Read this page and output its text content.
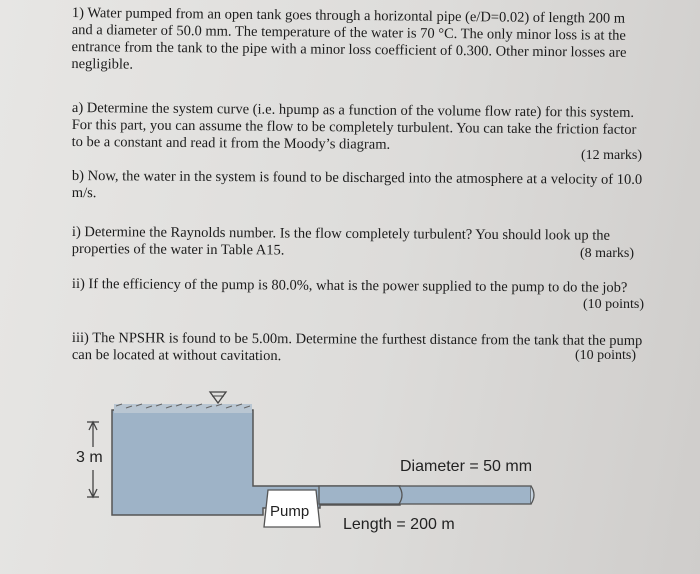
1) Water pumped from an open tank goes through a horizontal pipe (e/D=0.02) of length 200 m
and a diameter of 50.0 mm. The temperature of the water is 70 °C. The only minor loss is at the
entrance from the tank to the pipe with a minor loss coefficient of 0.300. Other minor losses are
negligible.
a) Determine the system curve (i.e. hpump as a function of the volume flow rate) for this system.
For this part, you can assume the flow to be completely turbulent. You can take the friction factor
to be a constant and read it from the Moody’s diagram.
(12 marks)
b) Now, the water in the system is found to be discharged into the atmosphere at a velocity of 10.0
m/s.
i) Determine the Raynolds number. Is the flow completely turbulent? You should look up the
properties of the water in Table A15.	(8 marks)
ii) If the efficiency of the pump is 80.0%, what is the power supplied to the pump to do the job?
(10 points)
iii) The NPSHR is found to be 5.00m. Determine the furthest distance from the tank that the pump
can be located at without cavitation.	(10 points)
3 m
Diameter = 50 mm
Pump
Length = 200 m
